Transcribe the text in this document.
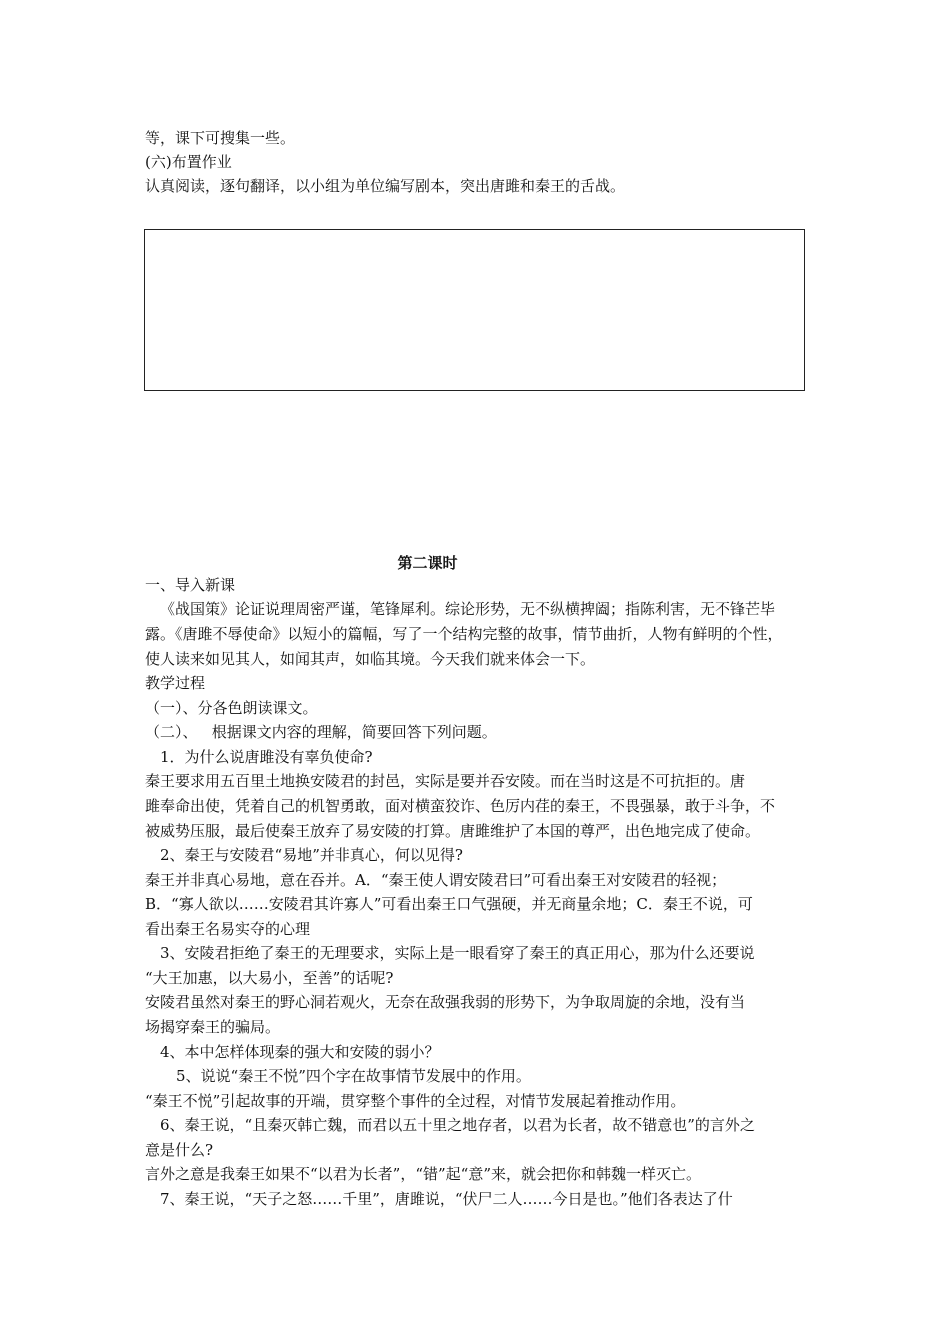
等，课下可搜集一些。
(六)布置作业
认真阅读，逐句翻译，以小组为单位编写剧本，突出唐雎和秦王的舌战。
第二课时
一、导入新课
《战国策》论证说理周密严谨，笔锋犀利。综论形势，无不纵横捭阖；指陈利害，无不锋芒毕
露。《唐雎不辱使命》以短小的篇幅，写了一个结构完整的故事，情节曲折，人物有鲜明的个性，
使人读来如见其人，如闻其声，如临其境。今天我们就来体会一下。
教学过程
（一）、分各色朗读课文。
（二）、   根据课文内容的理解，简要回答下列问题。
1．为什么说唐雎没有辜负使命?
秦王要求用五百里土地换安陵君的封邑，实际是要并吞安陵。而在当时这是不可抗拒的。唐
雎奉命出使，凭着自己的机智勇敢，面对横蛮狡诈、色厉内荏的秦王，不畏强暴，敢于斗争，不
被威势压服，最后使秦王放弃了易安陵的打算。唐雎维护了本国的尊严，出色地完成了使命。
2、秦王与安陵君“易地”并非真心，何以见得?
秦王并非真心易地，意在吞并。A．“秦王使人谓安陵君曰”可看出秦王对安陵君的轻视；
B．“寡人欲以……安陵君其许寡人”可看出秦王口气强硬，并无商量余地；C．秦王不说，可
看出秦王名易实夺的心理
3、安陵君拒绝了秦王的无理要求，实际上是一眼看穿了秦王的真正用心，那为什么还要说
“大王加惠，以大易小，至善”的话呢?
安陵君虽然对秦王的野心洞若观火，无奈在敌强我弱的形势下，为争取周旋的余地，没有当
场揭穿秦王的骗局。
4、本中怎样体现秦的强大和安陵的弱小？
5、说说“秦王不悦”四个字在故事情节发展中的作用。
“秦王不悦”引起故事的开端，贯穿整个事件的全过程，对情节发展起着推动作用。
6、秦王说，“且秦灭韩亡魏，而君以五十里之地存者，以君为长者，故不错意也”的言外之
意是什么?
言外之意是我秦王如果不“以君为长者”，“错”起“意”来，就会把你和韩魏一样灭亡。
7、秦王说，“天子之怒……千里”，唐雎说，“伏尸二人……今日是也。”他们各表达了什
